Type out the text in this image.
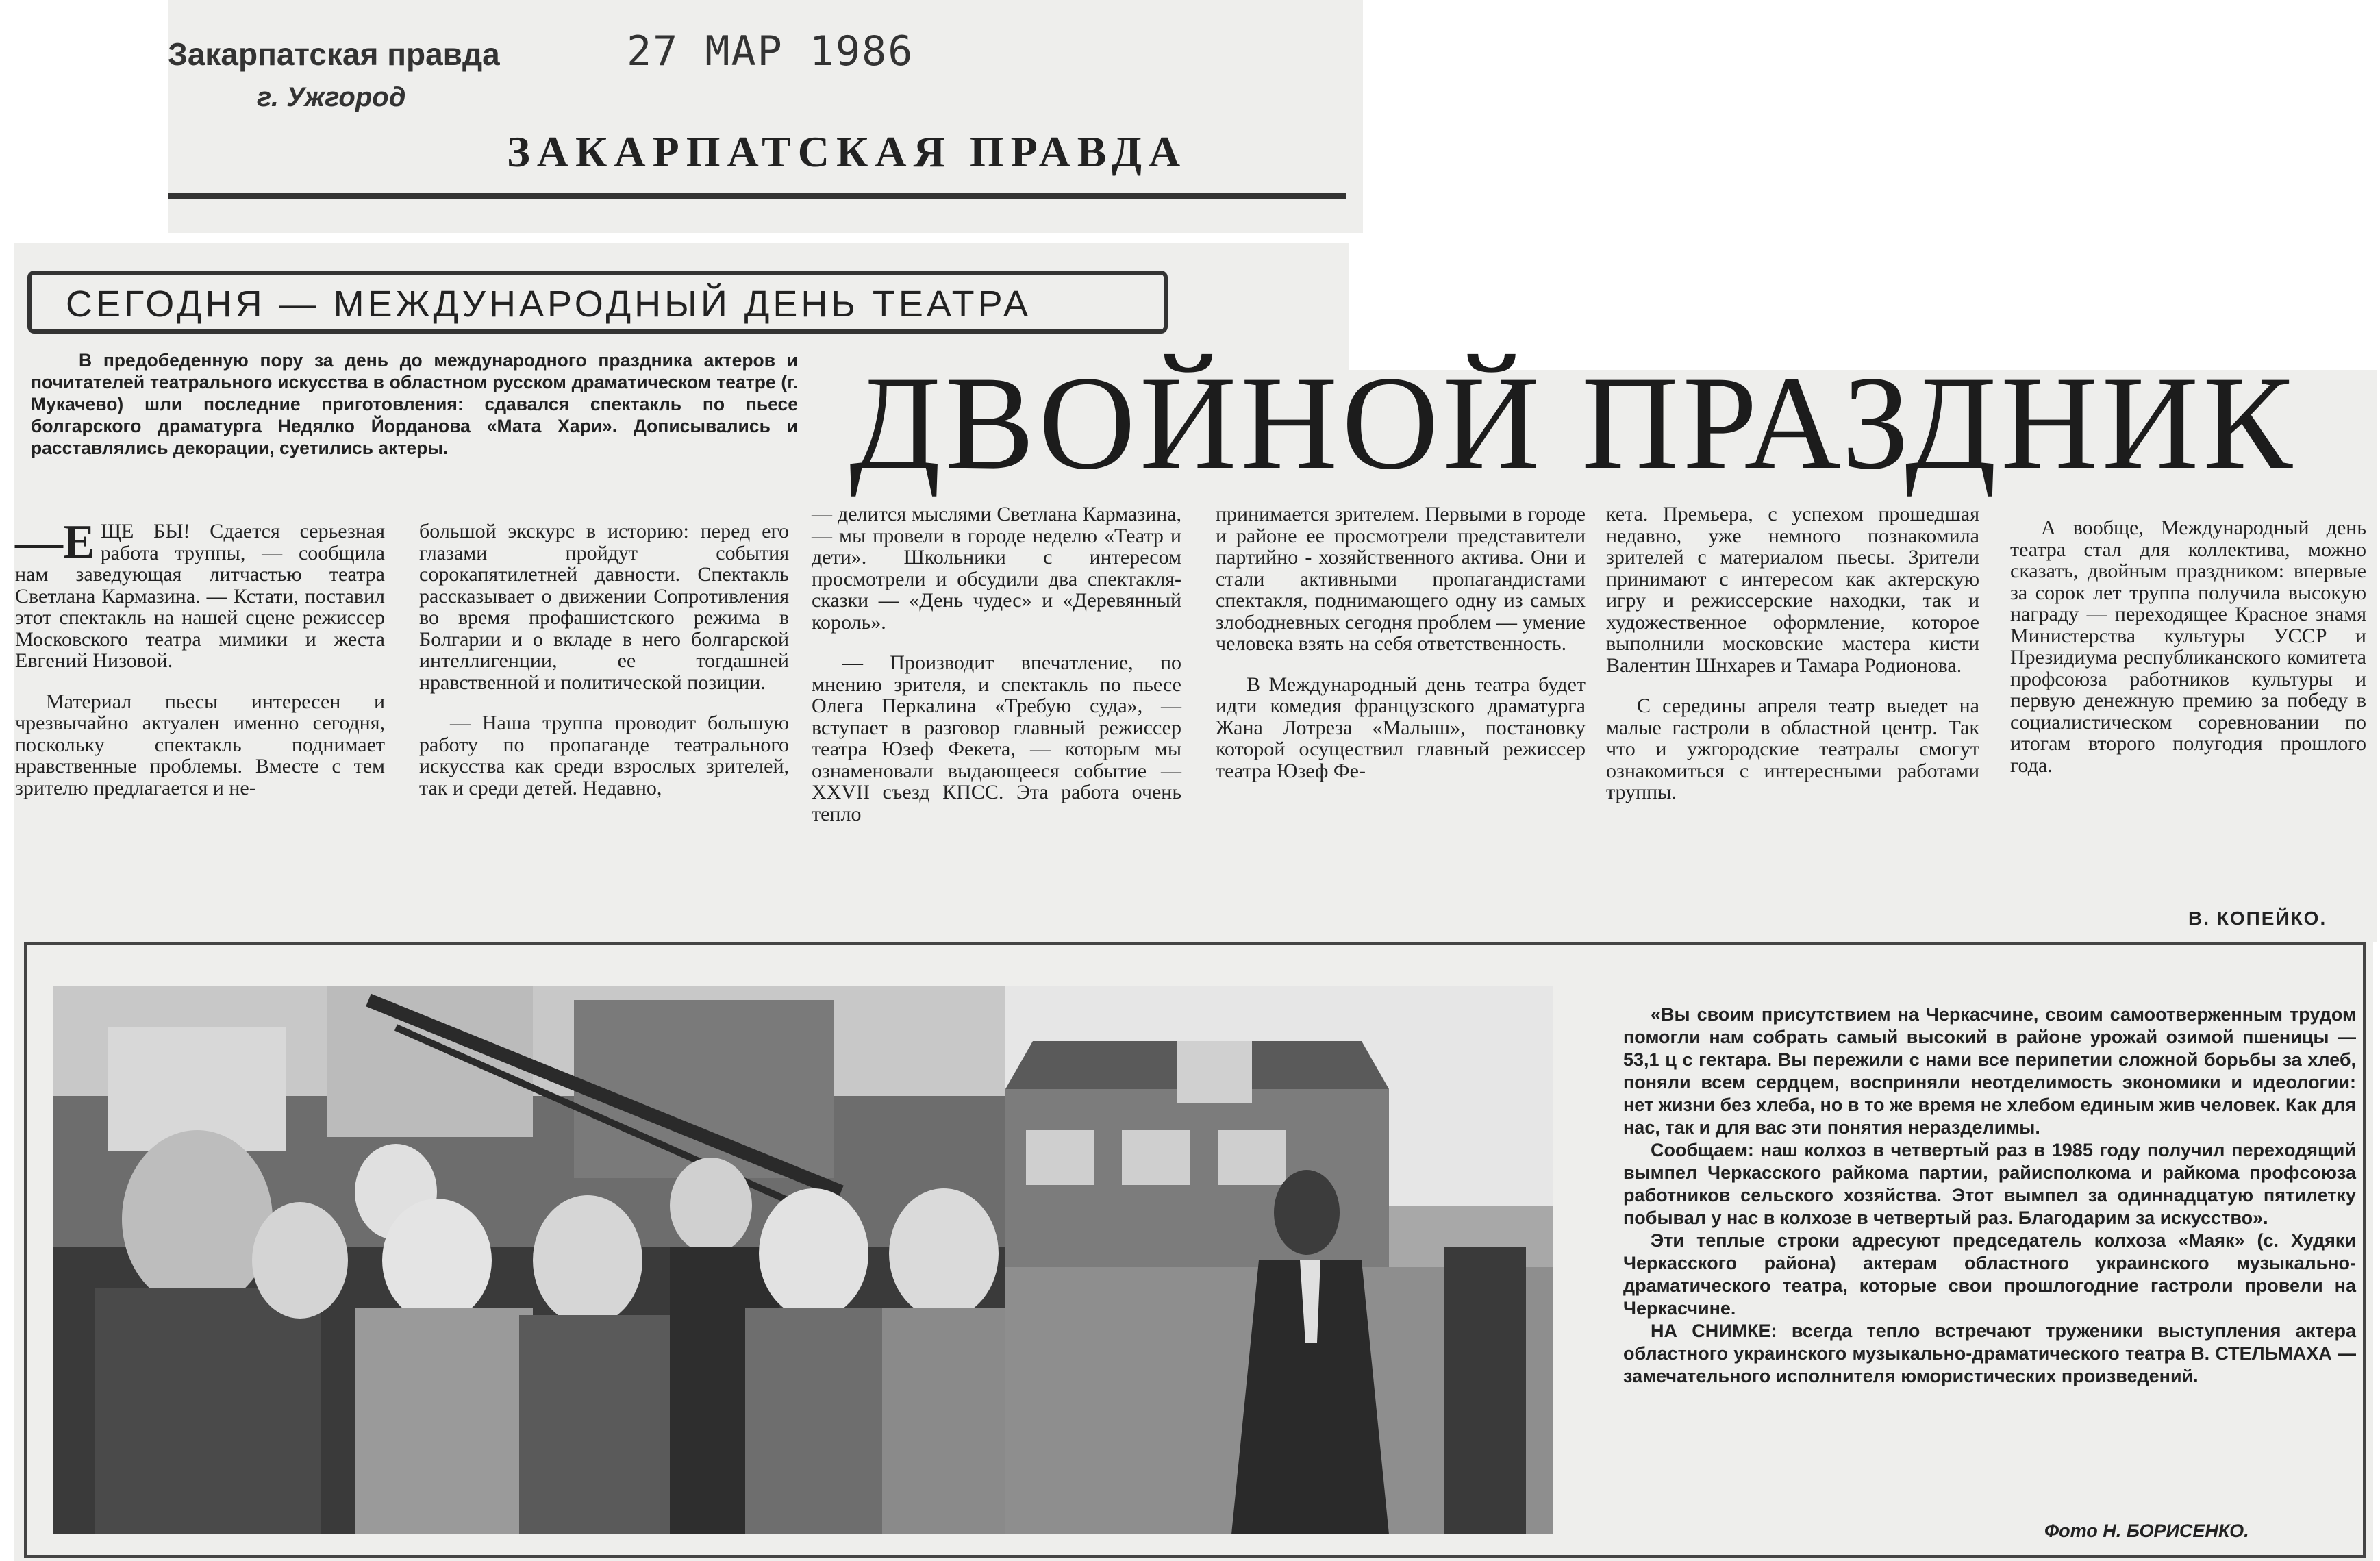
Закарпатская правда
г. Ужгород
27 МАР 1986
ЗАКАРПАТСКАЯ ПРАВДА
СЕГОДНЯ — МЕЖДУНАРОДНЫЙ ДЕНЬ ТЕАТРА
ДВОЙНОЙ ПРАЗДНИК
В предобеденную пору за день до международного праздника актеров и почитателей театрального искусства в областном русском драматическом театре (г. Мукачево) шли последние приготовления: сдавался спектакль по пьесе болгарского драматурга Недялко Йорданова «Мата Хари». Дописывались и расставлялись декорации, суетились актеры.

—Е ЩЕ БЫ! Сдается серьезная работа труппы, — сообщила нам заведующая литчастью театра Светлана Кармазина. — Кстати, поставил этот спектакль на нашей сцене режиссер Московского театра мимики и жеста Евгений Низовой.

Материал пьесы интересен и чрезвычайно актуален именно сегодня, поскольку спектакль поднимает нравственные проблемы. Вместе с тем зрителю предлагается и не-

большой экскурс в историю: перед его глазами пройдут события сорокапятилетней давности. Спектакль рассказывает о движении Сопротивления во время профашистского режима в Болгарии и о вкладе в него болгарской интеллигенции, ее тогдашней нравственной и политической позиции.

— Наша труппа проводит большую работу по пропаганде театрального искусства как среди взрослых зрителей, так и среди детей. Недавно,

— делится мыслями Светлана Кармазина, — мы провели в городе неделю «Театр и дети». Школьники с интересом просмотрели и обсудили два спектакля-сказки — «День чудес» и «Деревянный король».

— Производит впечатление, по мнению зрителя, и спектакль по пьесе Олега Перкалина «Требую суда», — вступает в разговор главный режиссер театра Юзеф Фекета, — которым мы ознаменовали выдающееся событие — XXVII съезд КПСС. Эта работа очень тепло

принимается зрителем. Первыми в городе и районе ее просмотрели представители партийно - хозяйственного актива. Они и стали активными пропагандистами спектакля, поднимающего одну из самых злободневных сегодня проблем — умение человека взять на себя ответственность.

В Международный день театра будет идти комедия французского драматурга Жана Лотреза «Малыш», постановку которой осуществил главный режиссер театра Юзеф Фе-

кета. Премьера, с успехом прошедшая недавно, уже немного познакомила зрителей с материалом пьесы. Зрители принимают с интересом как актерскую игру и режиссерские находки, так и художественное оформление, которое выполнили московские мастера кисти Валентин Шнхарев и Тамара Родионова.

С середины апреля театр выедет на малые гастроли в областной центр. Так что и ужгородские театралы смогут ознакомиться с интересными работами труппы.

А вообще, Международный день театра стал для коллектива, можно сказать, двойным праздником: впервые за сорок лет труппа получила высокую награду — переходящее Красное знамя Министерства культуры УССР и Президиума республиканского комитета профсоюза работников культуры и первую денежную премию за победу в социалистическом соревновании по итогам второго полугодия прошлого года.

В. КОПЕЙКО.

«Вы своим присутствием на Черкасчине, своим самоотверженным трудом помогли нам собрать самый высокий в районе урожай озимой пшеницы — 53,1 ц с гектара. Вы пережили с нами все перипетии сложной борьбы за хлеб, поняли всем сердцем, восприняли неотделимость экономики и идеологии: нет жизни без хлеба, но в то же время не хлебом единым жив человек. Как для нас, так и для вас эти понятия неразделимы.

Сообщаем: наш колхоз в четвертый раз в 1985 году получил переходящий вымпел Черкасского райкома партии, райисполкома и райкома профсоюза работников сельского хозяйства. Этот вымпел за одиннадцатую пятилетку побывал у нас в колхозе в четвертый раз. Благодарим за искусство».

Эти теплые строки адресуют председатель колхоза «Маяк» (с. Худяки Черкасского района) актерам областного украинского музыкально-драматического театра, которые свои прошлогодние гастроли провели на Черкасчине.

НА СНИМКЕ: всегда тепло встречают труженики выступления актера областного украинского музыкально-драматического театра В. СТЕЛЬМАХА — замечательного исполнителя юмористических произведений.

Фото Н. БОРИСЕНКО.
